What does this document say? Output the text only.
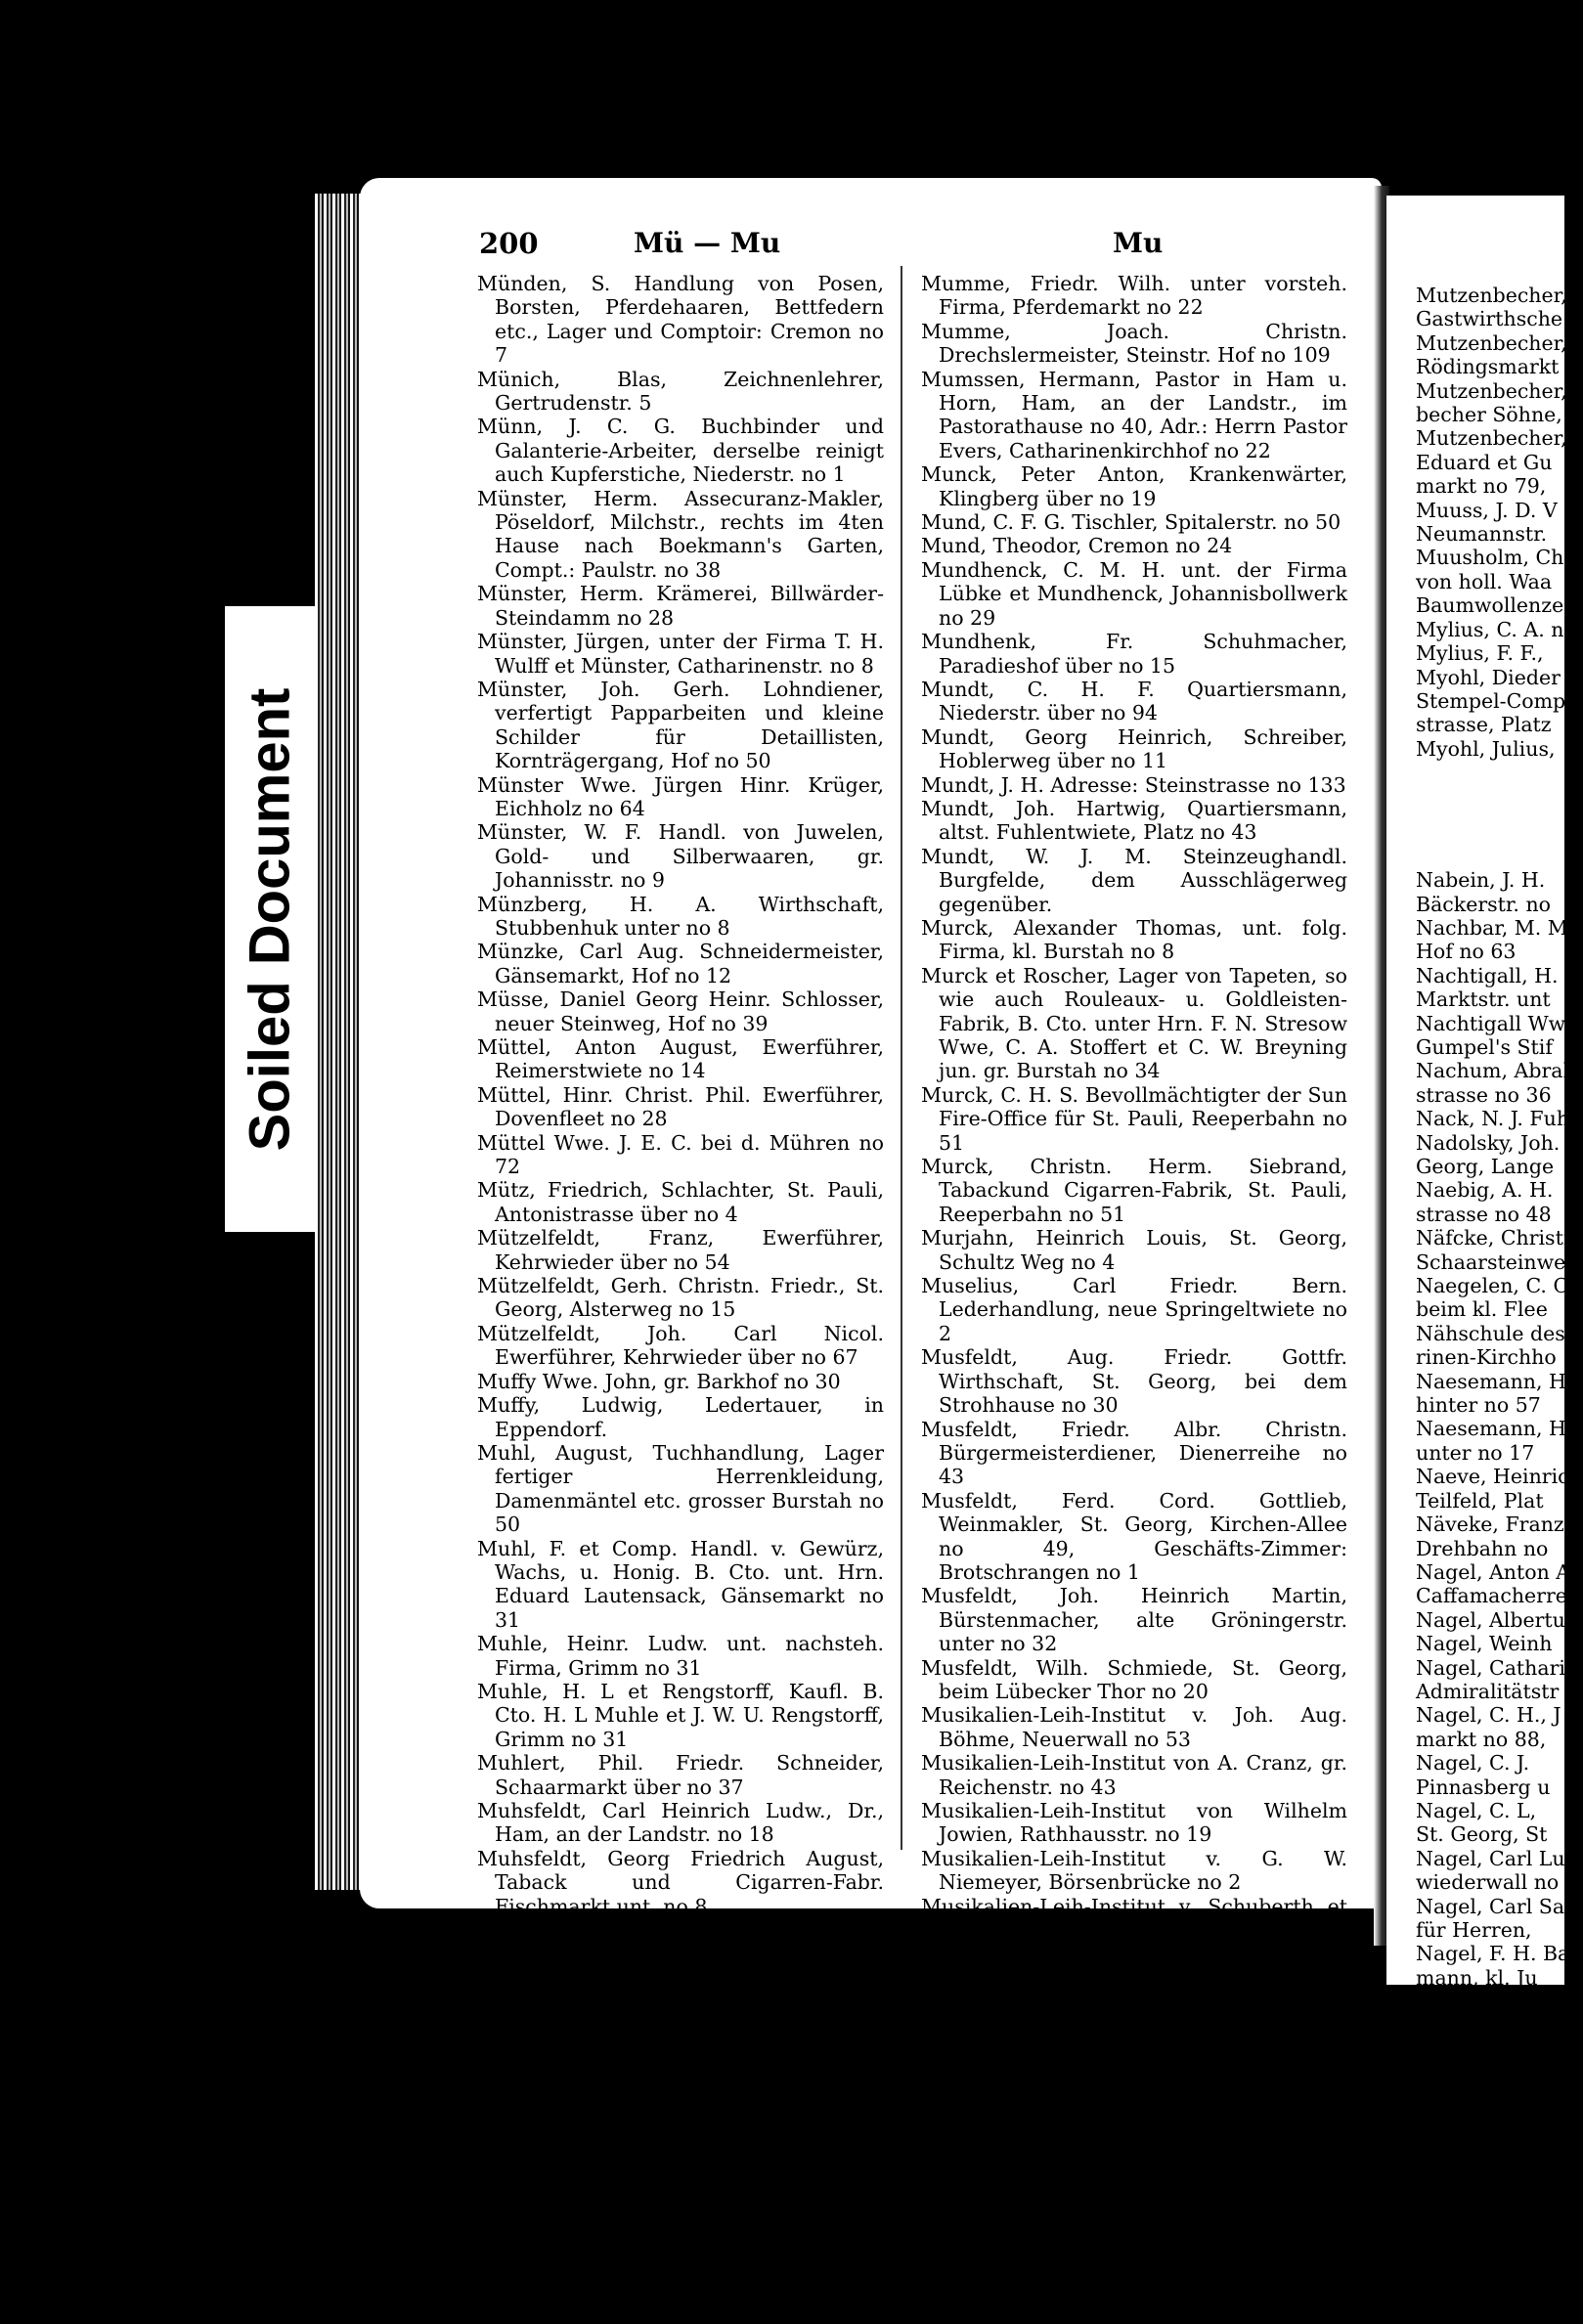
Soiled Document
200	Mü — Mu	Mu

Münden, S. Handlung von Posen, Borsten, Pferdehaaren, Bettfedern etc., Lager und Comptoir: Cremon no 7

Münich, Blas, Zeichnenlehrer, Gertrudenstr. 5

Münn, J. C. G. Buchbinder und Galanterie-Arbeiter, derselbe reinigt auch Kupferstiche, Niederstr. no 1

Münster, Herm. Assecuranz-Makler, Pöseldorf, Milchstr., rechts im 4ten Hause nach Boekmann's Garten, Compt.: Paulstr. no 38

Münster, Herm. Krämerei, Billwärder-Steindamm no 28

Münster, Jürgen, unter der Firma T. H. Wulff et Münster, Catharinenstr. no 8

Münster, Joh. Gerh. Lohndiener, verfertigt Papparbeiten und kleine Schilder für Detaillisten, Kornträgergang, Hof no 50

Münster Wwe. Jürgen Hinr. Krüger, Eichholz no 64

Münster, W. F. Handl. von Juwelen, Gold- und Silberwaaren, gr. Johannisstr. no 9

Münzberg, H. A. Wirthschaft, Stubbenhuk unter no 8

Münzke, Carl Aug. Schneidermeister, Gänsemarkt, Hof no 12

Müsse, Daniel Georg Heinr. Schlosser, neuer Steinweg, Hof no 39

Müttel, Anton August, Ewerführer, Reimerstwiete no 14

Müttel, Hinr. Christ. Phil. Ewerführer, Dovenfleet no 28

Müttel Wwe. J. E. C. bei d. Mühren no 72

Mütz, Friedrich, Schlachter, St. Pauli, Antonistrasse über no 4

Mützelfeldt, Franz, Ewerführer, Kehrwieder über no 54

Mützelfeldt, Gerh. Christn. Friedr., St. Georg, Alsterweg no 15

Mützelfeldt, Joh. Carl Nicol. Ewerführer, Kehrwieder über no 67

Muffy Wwe. John, gr. Barkhof no 30

Muffy, Ludwig, Ledertauer, in Eppendorf.

Muhl, August, Tuchhandlung, Lager fertiger Herrenkleidung, Damenmäntel etc. grosser Burstah no 50

Muhl, F. et Comp. Handl. v. Gewürz, Wachs, u. Honig. B. Cto. unt. Hrn. Eduard Lautensack, Gänsemarkt no 31

Muhle, Heinr. Ludw. unt. nachsteh. Firma, Grimm no 31

Muhle, H. L et Rengstorff, Kaufl. B. Cto. H. L Muhle et J. W. U. Rengstorff, Grimm no 31

Muhlert, Phil. Friedr. Schneider, Schaarmarkt über no 37

Muhsfeldt, Carl Heinrich Ludw., Dr., Ham, an der Landstr. no 18

Muhsfeldt, Georg Friedrich August, Taback und Cigarren-Fabr. Fischmarkt unt. no 8

Muller, L. L. Graveur, Petschaft-, Stempel-, und Wappenstecher, verfertigt alle Arten Schablonen und Holzschnitte, gr. Reichenstrasse no 1

Multhaupt, Johann August Philipp, St. Georg, Langreihe no 97

Multhaupt, Johann Georg Eggert, unter der Firma J. G. Multhaupt et Co. Thee- und Gewürzhandlung, B. Cto. unt. Hrn. J. G Watty et Comp, St. Georg, Langereihe no 98

Mumm, J. F. W. Schneidermeistr. Grasbrook, Langerweg, neben no 8

Mumme et Eckhardt, Tuchhandl. B. Cto. unter Hrn. Franz Burmester Wwe. et J. Ahrens, Pferdemarkt no 22

Mumme, Friedr. Wilh. unter vorsteh. Firma, Pferdemarkt no 22

Mumme, Joach. Christn. Drechslermeister, Steinstr. Hof no 109

Mumssen, Hermann, Pastor in Ham u. Horn, Ham, an der Landstr., im Pastorathause no 40, Adr.: Herrn Pastor Evers, Catharinenkirchhof no 22

Munck, Peter Anton, Krankenwärter, Klingberg über no 19

Mund, C. F. G. Tischler, Spitalerstr. no 50

Mund, Theodor, Cremon no 24

Mundhenck, C. M. H. unt. der Firma Lübke et Mundhenck, Johannisbollwerk no 29

Mundhenk, Fr. Schuhmacher, Paradieshof über no 15

Mundt, C. H. F. Quartiersmann, Niederstr. über no 94

Mundt, Georg Heinrich, Schreiber, Hoblerweg über no 11

Mundt, J. H. Adresse: Steinstrasse no 133

Mundt, Joh. Hartwig, Quartiersmann, altst. Fuhlentwiete, Platz no 43

Mundt, W. J. M. Steinzeughandl. Burgfelde, dem Ausschlägerweg gegenüber.

Murck, Alexander Thomas, unt. folg. Firma, kl. Burstah no 8

Murck et Roscher, Lager von Tapeten, so wie auch Rouleaux- u. Goldleisten-Fabrik, B. Cto. unter Hrn. F. N. Stresow Wwe, C. A. Stoffert et C. W. Breyning jun. gr. Burstah no 34

Murck, C. H. S. Bevollmächtigter der Sun Fire-Office für St. Pauli, Reeperbahn no 51

Murck, Christn. Herm. Siebrand, Tabackund Cigarren-Fabrik, St. Pauli, Reeperbahn no 51

Murjahn, Heinrich Louis, St. Georg, Schultz Weg no 4

Muselius, Carl Friedr. Bern. Lederhandlung, neue Springeltwiete no 2

Musfeldt, Aug. Friedr. Gottfr. Wirthschaft, St. Georg, bei dem Strohhause no 30

Musfeldt, Friedr. Albr. Christn. Bürgermeisterdiener, Dienerreihe no 43

Musfeldt, Ferd. Cord. Gottlieb, Weinmakler, St. Georg, Kirchen-Allee no 49, Geschäfts-Zimmer: Brotschrangen no 1

Musfeldt, Joh. Heinrich Martin, Bürstenmacher, alte Gröningerstr. unter no 32

Musfeldt, Wilh. Schmiede, St. Georg, beim Lübecker Thor no 20

Musikalien-Leih-Institut v. Joh. Aug. Böhme, Neuerwall no 53

Musikalien-Leih-Institut von A. Cranz, gr. Reichenstr. no 43

Musikalien-Leih-Institut von Wilhelm Jowien, Rathhausstr. no 19

Musikalien-Leih-Institut v. G. W. Niemeyer, Börsenbrücke no 2

Musikalien-Leih-Institut v. Schuberth et Co. Bergstr. no 16

Mutzenbecher, Arnold, B. Cto. Joh. Arnold Mutzenbecher, Rödingsmarkt no 19, O.-S.

Mutzenbecher, Johann Arnold, unter obiger Firma, Rödingsmarkt no 19, O.-S.

Mutzenbecher Wwe. E. F., St. Georg, Hühnerposten no 19

Mutzenbecher, Franz Matthias, Dr. Med. et Chir. Hahntrapp no 8

Mutzenbecher, Gustav, unt. der Firma J. D. Mutzenbecher Söhne, Jungfernstieg no 2

Mutzenbecher, H. et Comp. Kaufleute, B. Cto. Hermann Mutzenbecher, Ferdinandstr. no 8

Mutzenbecher, I

Gastwirthsche

Mutzenbecher, .

Rödingsmarkt

Mutzenbecher, J

becher Söhne,

Mutzenbecher,

Eduard et Gu

markt no 79,

Muuss, J. D. V

Neumannstr.

Muusholm, Chri

von holl. Waa

Baumwollenze

Mylius, C. A. n

Mylius, F. F.,

Myohl, Dieder

Stempel-Comp

strasse, Platz

Myohl, Julius,

Nabein, J. H.

Bäckerstr. no

Nachbar, M. M

Hof no 63

Nachtigall, H.

Marktstr. unt

Nachtigall Ww

Gumpel's Stif

Nachum, Abrah

strasse no 36

Nack, N. J. Fuh

Nadolsky, Joh.

Georg, Lange

Naebig, A. H.

strasse no 48

Näfcke, Christi

Schaarsteinwe

Naegelen, C. C.

beim kl. Flee

Nähschule des

rinen-Kirchho

Naesemann, H.

hinter no 57

Naesemann, H.

unter no 17

Naeve, Heinrich

Teilfeld, Plat

Näveke, Franz

Drehbahn no

Nagel, Anton Au

Caffamacherre

Nagel, Albertus

Nagel, Weinh

Nagel, Catharin

Admiralitätstr

Nagel, C. H., J

markt no 88,

Nagel, C. J.

Pinnasberg u

Nagel, C. L,

St. Georg, St

Nagel, Carl Lu

wiederwall no

Nagel, Carl Sa

für Herren,

Nagel, F. H. Ba

mann, kl. Ju

Nagel, H. Kleid

Nagel, H. Schif

Erholung no
